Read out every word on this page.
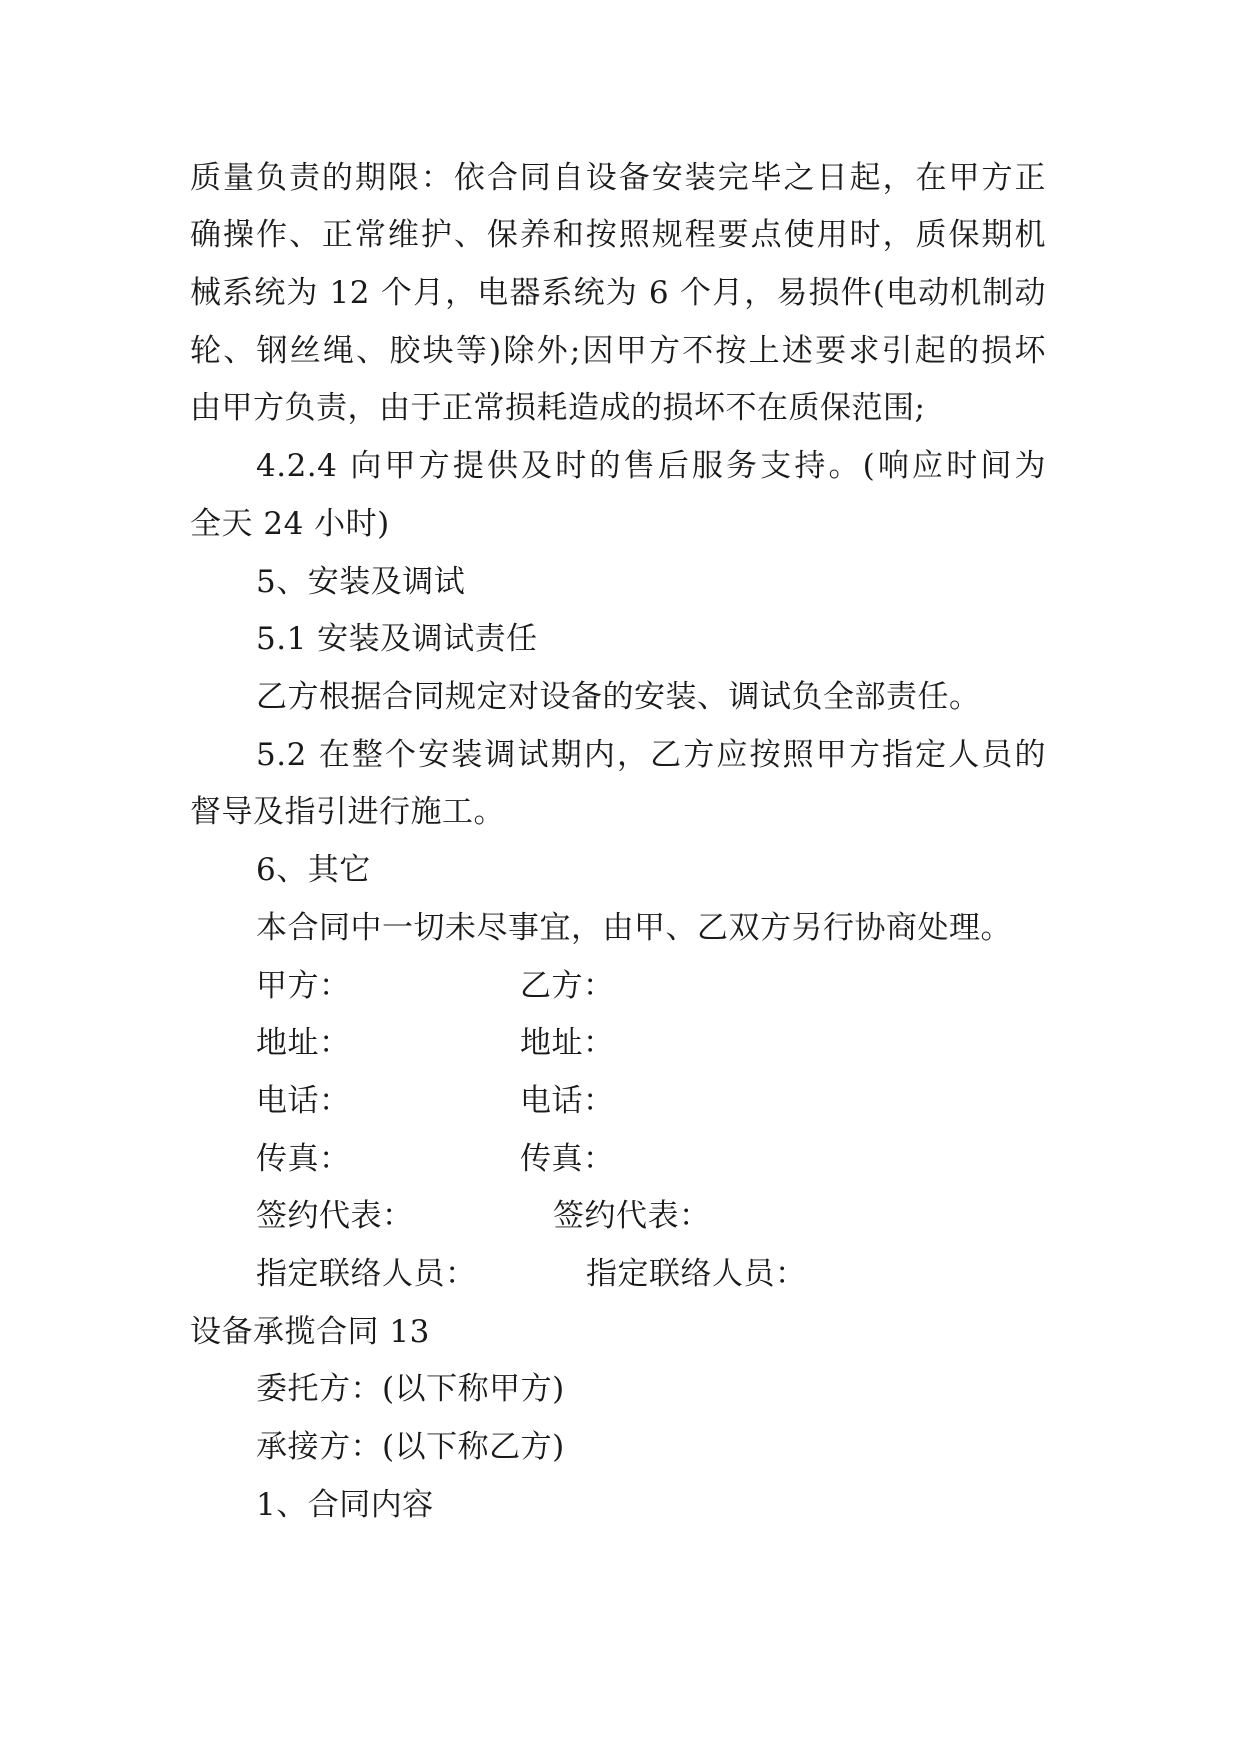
质量负责的期限：依合同自设备安装完毕之日起，在甲方正
确操作、正常维护、保养和按照规程要点使用时，质保期机
械系统为 12 个月，电器系统为 6 个月，易损件(电动机制动
轮、钢丝绳、胶块等)除外;因甲方不按上述要求引起的损坏
由甲方负责，由于正常损耗造成的损坏不在质保范围;
4.2.4 向甲方提供及时的售后服务支持。(响应时间为
全天 24 小时)
5、安装及调试
5.1 安装及调试责任
乙方根据合同规定对设备的安装、调试负全部责任。
5.2 在整个安装调试期内，乙方应按照甲方指定人员的
督导及指引进行施工。
6、其它
本合同中一切未尽事宜，由甲、乙双方另行协商处理。
甲方：	乙方：
地址：	地址：
电话：	电话：
传真：	传真：
签约代表：	签约代表：
指定联络人员：	指定联络人员：
设备承揽合同 13
委托方：(以下称甲方)
承接方：(以下称乙方)
1、合同内容
